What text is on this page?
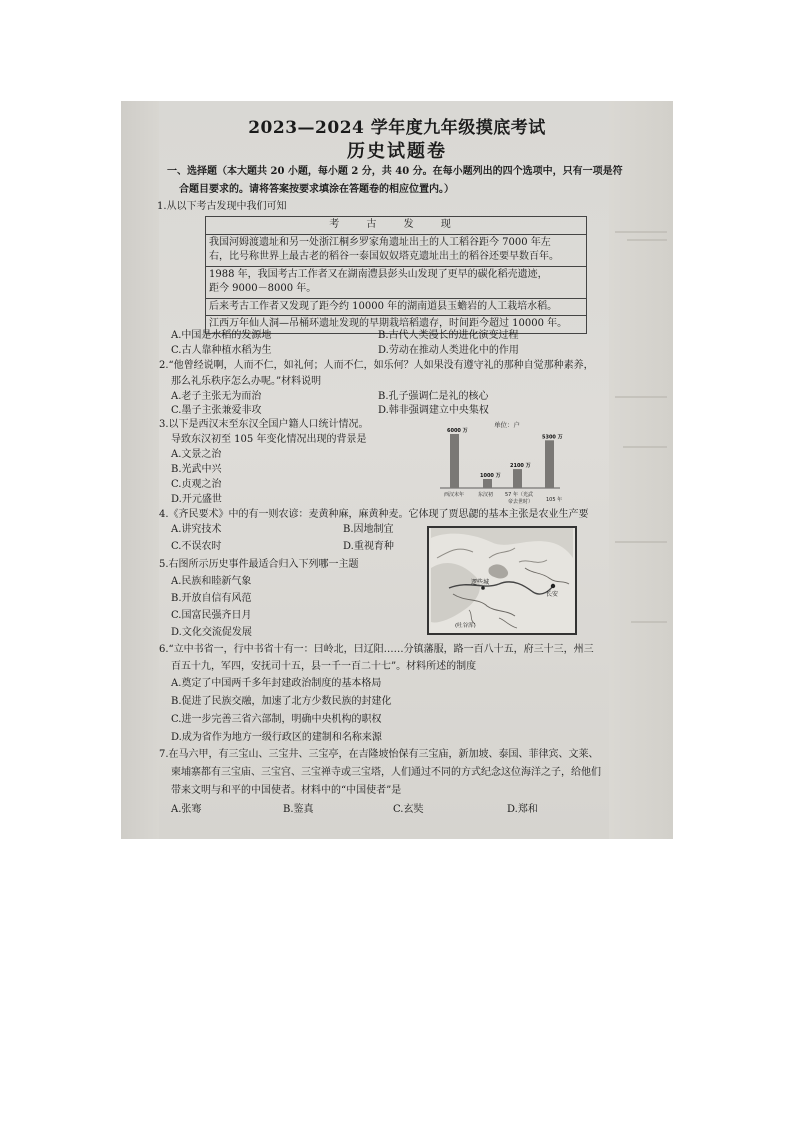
2023—2024 学年度九年级摸底考试
历史试题卷
一、选择题（本大题共 20 小题，每小题 2 分，共 40 分。在每小题列出的四个选项中，只有一项是符
合题目要求的。请将答案按要求填涂在答题卷的相应位置内。）
1.从以下考古发现中我们可知
考 古 发 现
我国河姆渡遗址和另一处浙江桐乡罗家角遗址出土的人工稻谷距今 7000 年左
右，比号称世界上最古老的稻谷一泰国奴奴塔克遗址出土的稻谷还要早数百年。
1988 年，我国考古工作者又在湖南澧县彭头山发现了更早的碳化稻壳遗迹，
距今 9000－8000 年。
后来考古工作者又发现了距今约 10000 年的湖南道县玉蟾岩的人工栽培水稻。
江西万年仙人洞—吊桶环遗址发现的早期栽培稻遗存，时间距今超过 10000 年。
A.中国是水稻的发源地	B.古代人类漫长的进化演变过程
C.古人靠种植水稻为生	D.劳动在推动人类进化中的作用
2.“他曾经说啊，人而不仁，如礼何；人而不仁，如乐何？人如果没有遵守礼的那种自觉那种素养，
那么礼乐秩序怎么办呢。”材料说明
A.老子主张无为而治	B.孔子强调仁是礼的核心
C.墨子主张兼爱非攻	D.韩非强调建立中央集权
3.以下是西汉末至东汉全国户籍人口统计情况。
导致东汉初至 105 年变化情况出现的背景是
A.文景之治
B.光武中兴
C.贞观之治
D.开元盛世
单位：户
6000 万
1000 万
2100 万
5300 万
西汉末年	东汉初 57 年（光武
帝去世时）	105 年
4.《齐民要术》中的有一则农谚：麦黄种麻，麻黄种麦。它体现了贾思勰的基本主张是农业生产要
A.讲究技术	B.因地制宜
C.不误农时	D.重视育种
5.右图所示历史事件最适合归入下列哪一主题
A.民族和睦新气象
B.开放自信有风范
C.国富民强齐日月
D.文化交流促发展
逻些城
长安
(吐谷浑)
6.“立中书省一，行中书省十有一：曰岭北，曰辽阳……分镇藩服，路一百八十五，府三十三，州三
百五十九，军四，安抚司十五，县一千一百二十七”。材料所述的制度
A.奠定了中国两千多年封建政治制度的基本格局
B.促进了民族交融，加速了北方少数民族的封建化
C.进一步完善三省六部制，明确中央机构的职权
D.成为省作为地方一级行政区的建制和名称来源
7.在马六甲，有三宝山、三宝井、三宝亭，在吉隆坡怡保有三宝庙，新加坡、泰国、菲律宾、文莱、
柬埔寨都有三宝庙、三宝宫、三宝禅寺或三宝塔，人们通过不同的方式纪念这位海洋之子，给他们
带来文明与和平的中国使者。材料中的“中国使者”是
A.张骞	B.鉴真	C.玄奘	D.郑和
